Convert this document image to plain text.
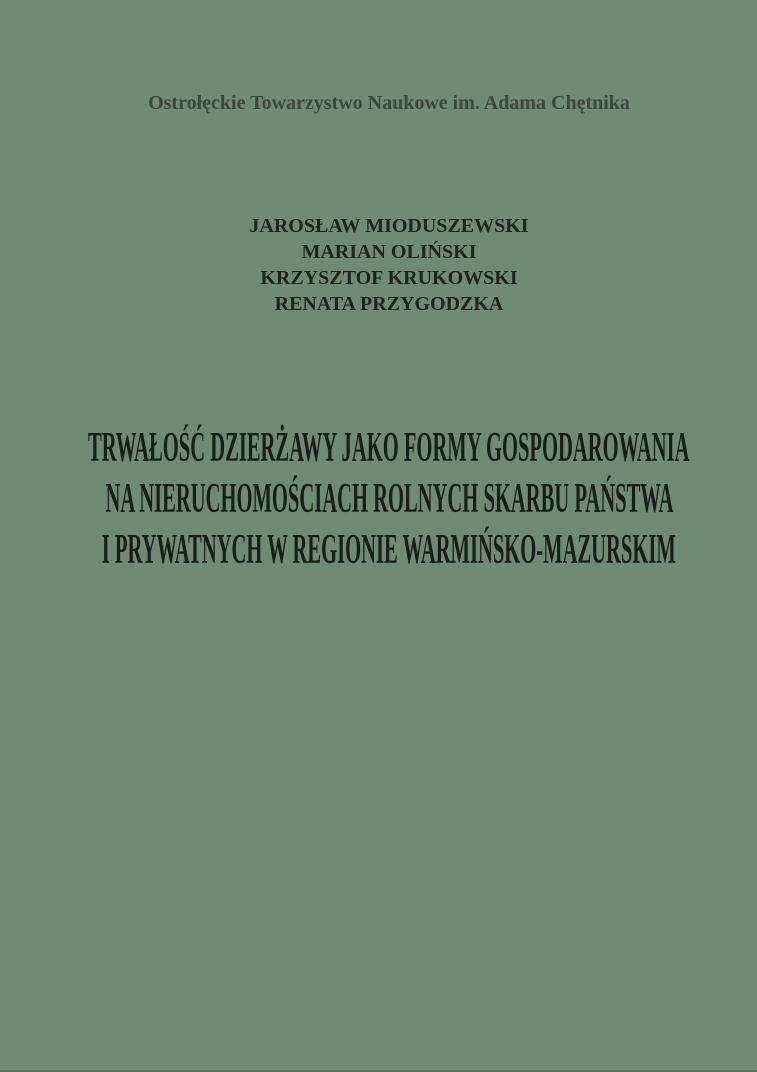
Ostrołęckie Towarzystwo Naukowe im. Adama Chętnika
JAROSŁAW MIODUSZEWSKI
MARIAN OLIŃSKI
KRZYSZTOF KRUKOWSKI
RENATA PRZYGODZKA
TRWAŁOŚĆ DZIERŻAWY JAKO FORMY GOSPODAROWANIA
NA NIERUCHOMOŚCIACH ROLNYCH SKARBU PAŃSTWA
I PRYWATNYCH W REGIONIE WARMIŃSKO-MAZURSKIM
